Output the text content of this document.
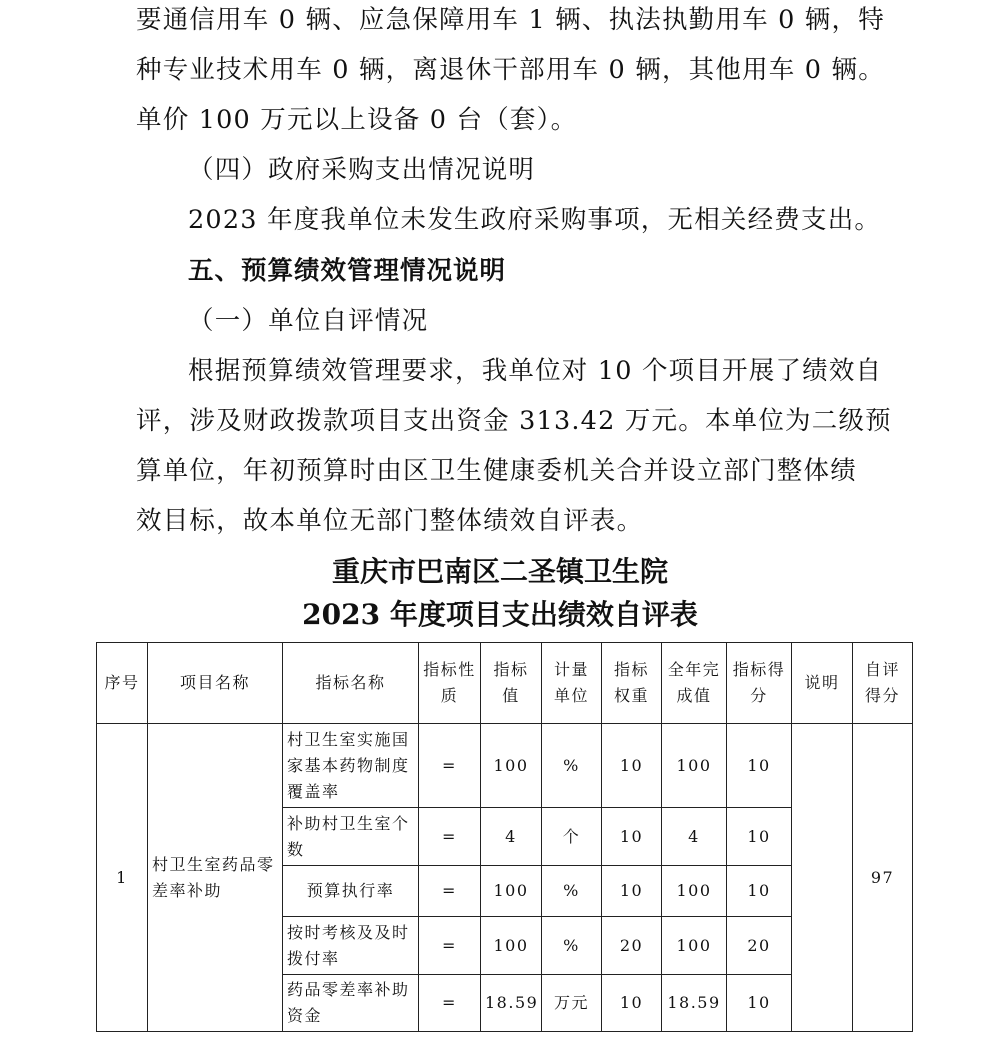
要通信用车 0 辆、应急保障用车 1 辆、执法执勤用车 0 辆，特
种专业技术用车 0 辆，离退休干部用车 0 辆，其他用车 0 辆。
单价 100 万元以上设备 0 台（套）。
（四）政府采购支出情况说明
2023 年度我单位未发生政府采购事项，无相关经费支出。
五、预算绩效管理情况说明
（一）单位自评情况
根据预算绩效管理要求，我单位对 10 个项目开展了绩效自
评，涉及财政拨款项目支出资金 313.42 万元。本单位为二级预
算单位，年初预算时由区卫生健康委机关合并设立部门整体绩
效目标，故本单位无部门整体绩效自评表。
重庆市巴南区二圣镇卫生院
2023 年度项目支出绩效自评表
序号	项目名称	指标名称	指标性质	指标值	计量单位	指标权重	全年完成值	指标得分	说明	自评得分
1	村卫生室药品零差率补助	村卫生室实施国家基本药物制度覆盖率	=	100	%	10	100	10		97
		补助村卫生室个数	=	4	个	10	4	10		
		预算执行率	=	100	%	10	100	10		
		按时考核及及时拨付率	=	100	%	20	100	20		
		药品零差率补助资金	=	18.59	万元	10	18.59	10		
